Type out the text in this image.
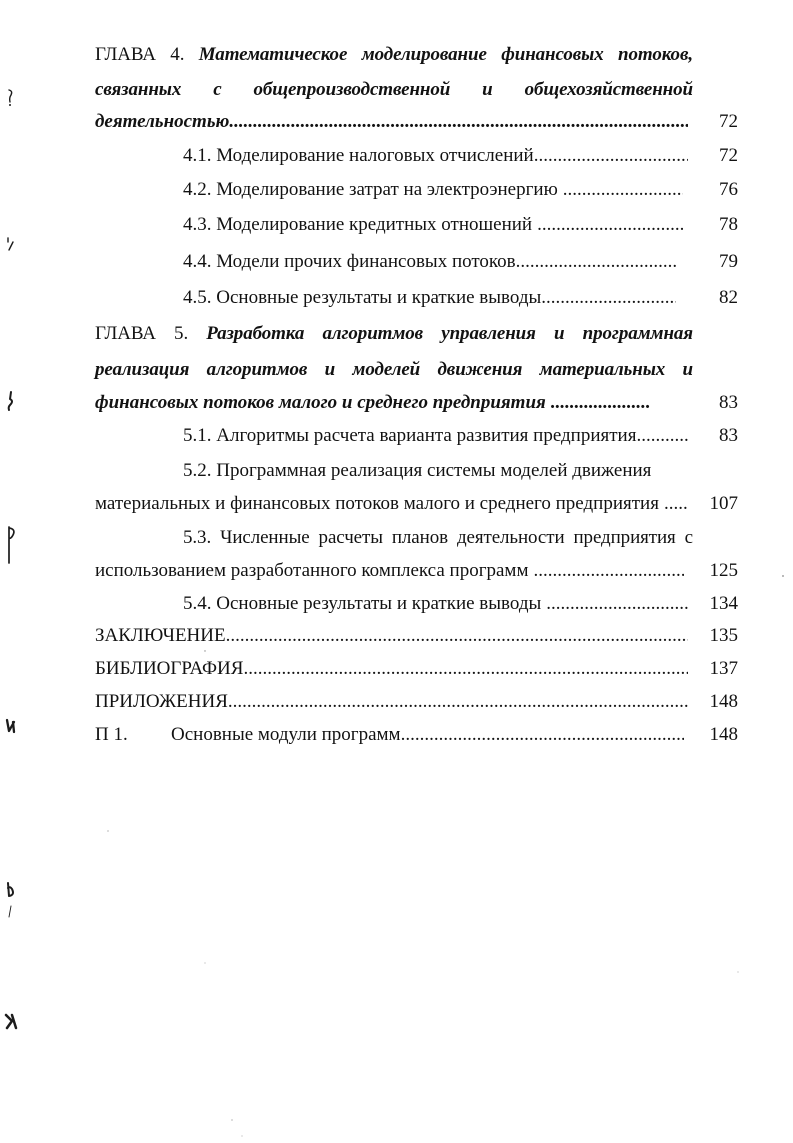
ГЛАВА 4. Математическое моделирование финансовых потоков,
связанных с общепроизводственной и общехозяйственной
деятельностью .....	72
4.1. Моделирование налоговых отчислений .....	72
4.2. Моделирование затрат на электроэнергию .....	76
4.3. Моделирование кредитных отношений .....	78
4.4. Модели прочих финансовых потоков .....	79
4.5. Основные результаты и краткие выводы .....	82
ГЛАВА 5. Разработка алгоритмов управления и программная
реализация алгоритмов и моделей движения материальных и
финансовых потоков малого и среднего предприятия .....	83
5.1. Алгоритмы расчета варианта развития предприятия .....	83
5.2. Программная реализация системы моделей движения
материальных и финансовых потоков малого и среднего предприятия .....	107
5.3. Численные расчеты планов деятельности предприятия с
использованием разработанного комплекса программ .....	125
5.4. Основные результаты и краткие выводы .....	134
ЗАКЛЮЧЕНИЕ .....	135
БИБЛИОГРАФИЯ .....	137
ПРИЛОЖЕНИЯ .....	148
П 1.	Основные модули программ .....	148
